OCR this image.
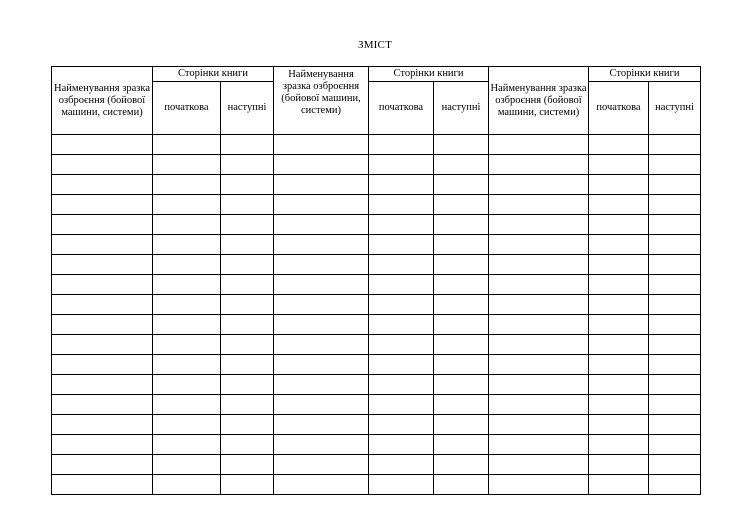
ЗМІСТ
Найменування зразка озброєння (бойової машини, системи)	Сторінки книги		Найменування зразка озброєння (бойової машини, системи)	Сторінки книги		Найменування зразка озброєння (бойової машини, системи)	Сторінки книги	
	початкова	наступні		початкова	наступні		початкова	наступні
